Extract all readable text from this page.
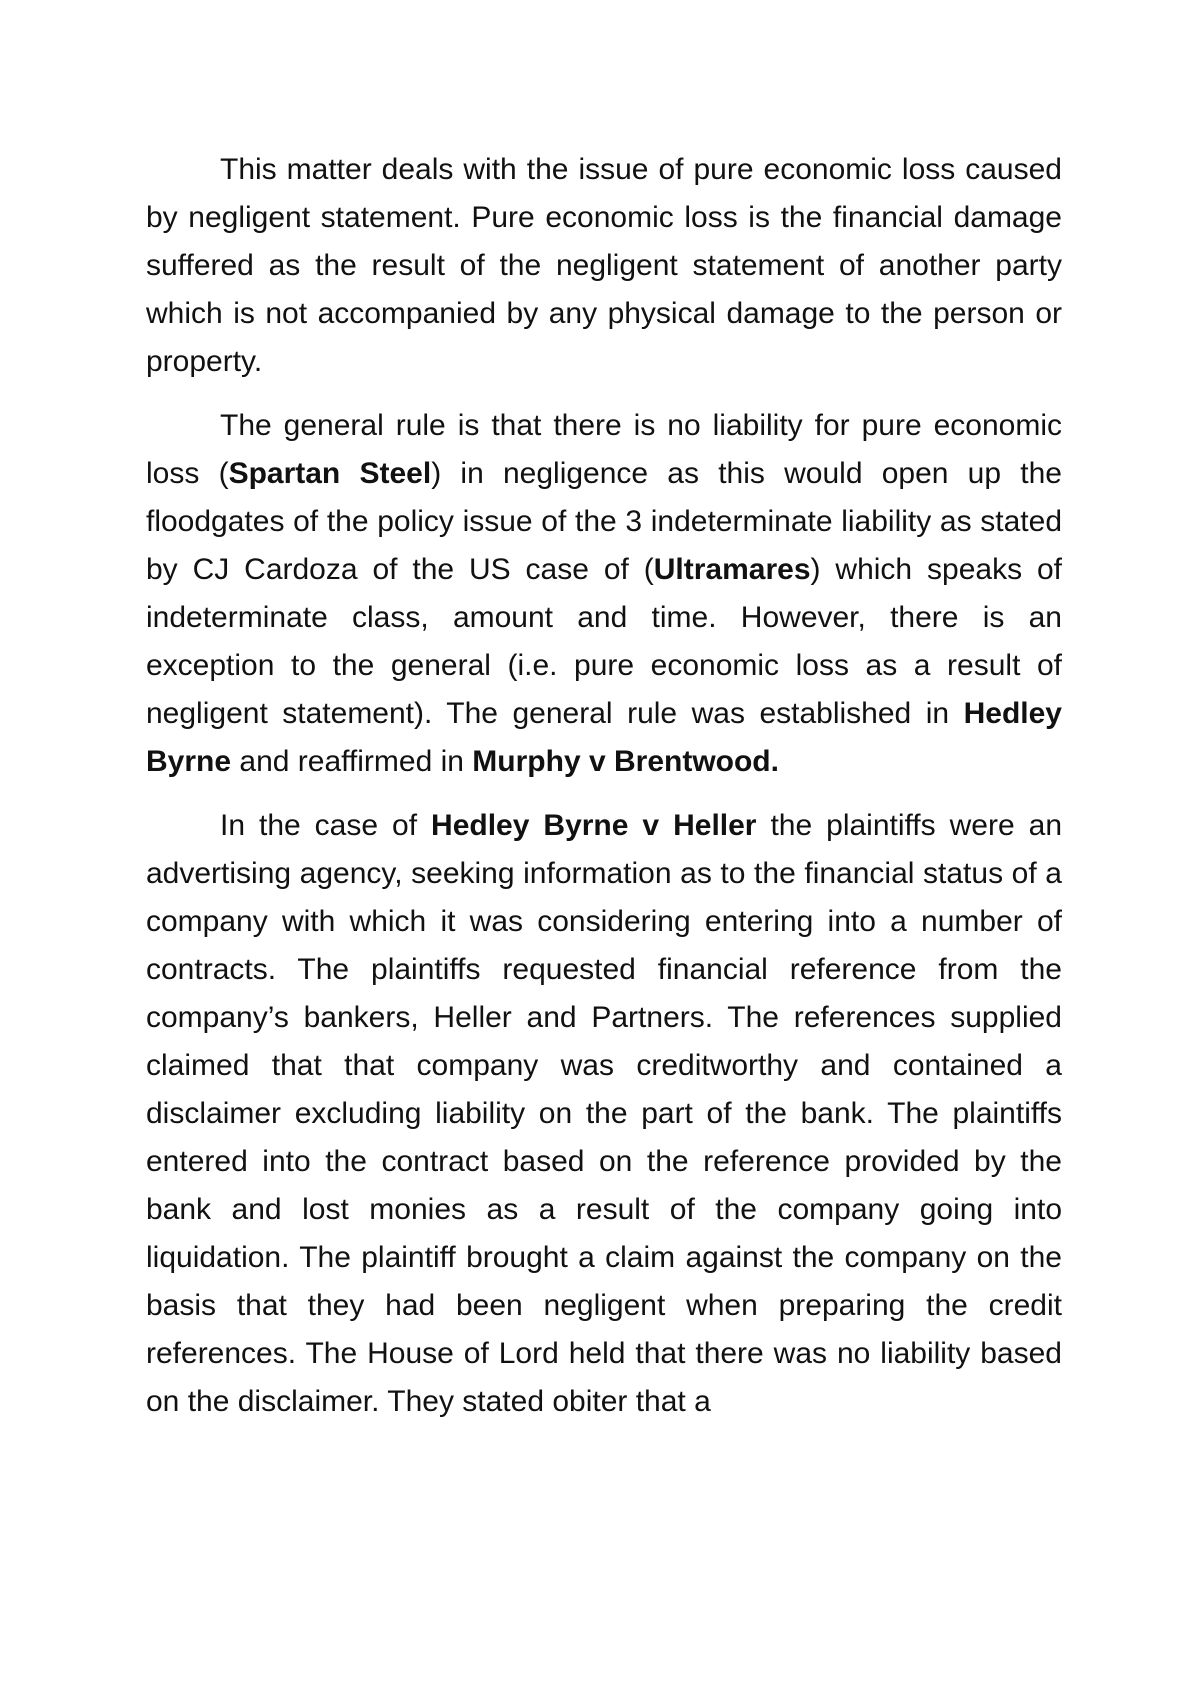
This matter deals with the issue of pure economic loss caused by negligent statement. Pure economic loss is the financial damage suffered as the result of the negligent statement of another party which is not accompanied by any physical damage to the person or property.

The general rule is that there is no liability for pure economic loss (Spartan Steel) in negligence as this would open up the floodgates of the policy issue of the 3 indeterminate liability as stated by CJ Cardoza of the US case of (Ultramares) which speaks of indeterminate class, amount and time. However, there is an exception to the general (i.e. pure economic loss as a result of negligent statement). The general rule was established in Hedley Byrne and reaffirmed in Murphy v Brentwood.

In the case of Hedley Byrne v Heller the plaintiffs were an advertising agency, seeking information as to the financial status of a company with which it was considering entering into a number of contracts. The plaintiffs requested financial reference from the company’s bankers, Heller and Partners. The references supplied claimed that that company was creditworthy and contained a disclaimer excluding liability on the part of the bank. The plaintiffs entered into the contract based on the reference provided by the bank and lost monies as a result of the company going into liquidation. The plaintiff brought a claim against the company on the basis that they had been negligent when preparing the credit references. The House of Lord held that there was no liability based on the disclaimer. They stated obiter that a
